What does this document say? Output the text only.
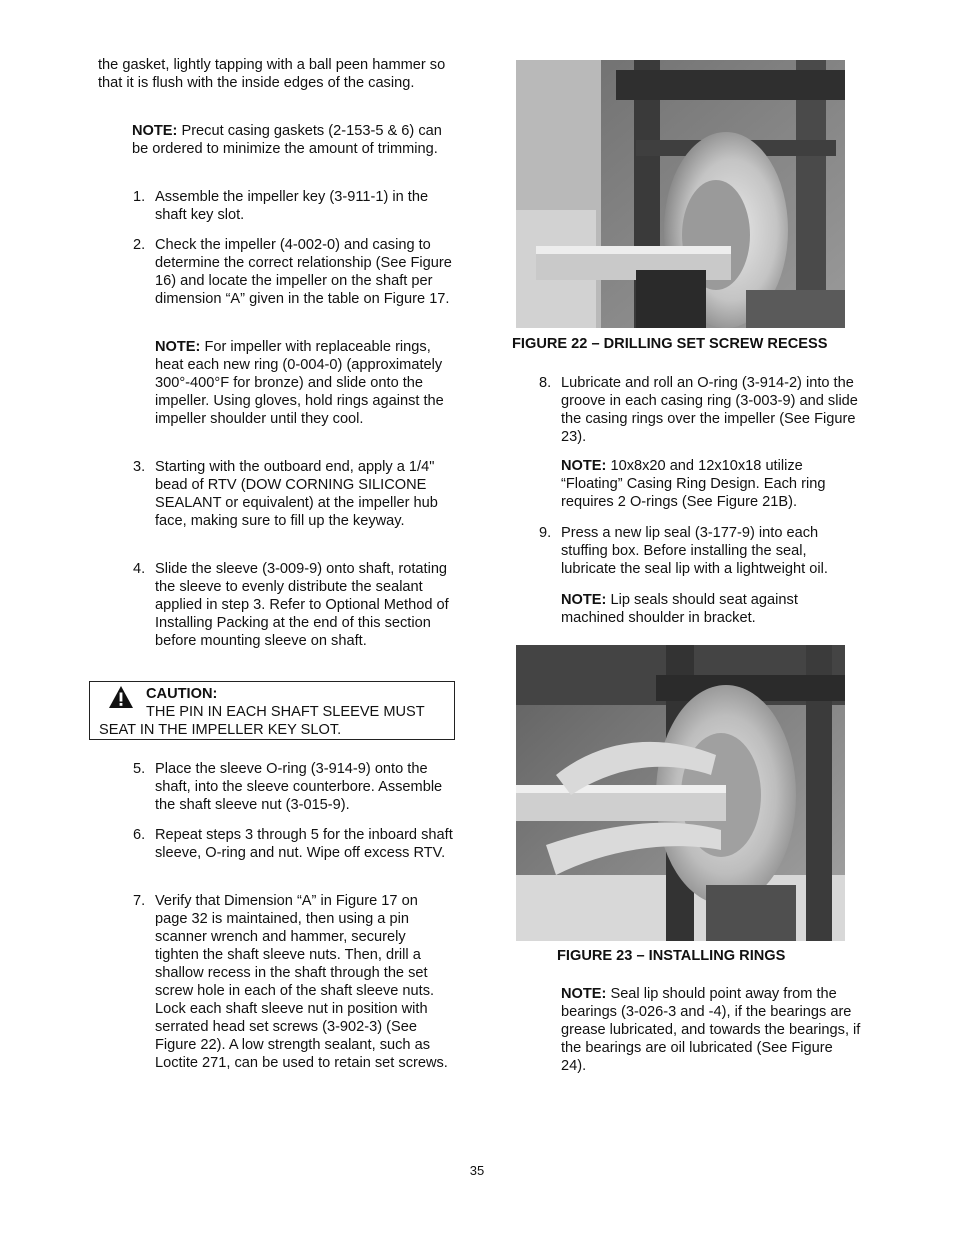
the gasket, lightly tapping with a ball peen hammer so that it is flush with the inside edges of the casing.

NOTE: Precut casing gaskets (2-153-5 & 6) can be ordered to minimize the amount of trimming.

1. Assemble the impeller key (3-911-1) in the shaft key slot.

2. Check the impeller (4-002-0) and casing to determine the correct relationship (See Figure 16) and locate the impeller on the shaft per dimension “A” given in the table on Figure 17.

NOTE: For impeller with replaceable rings, heat each new ring (0-004-0) (approximately 300°-400°F for bronze) and slide onto the impeller. Using gloves, hold rings against the impeller shoulder until they cool.

3. Starting with the outboard end, apply a 1/4" bead of RTV (DOW CORNING SILICONE SEALANT or equivalent) at the impeller hub face, making sure to fill up the keyway.

4. Slide the sleeve (3-009-9) onto shaft, rotating the sleeve to evenly distribute the sealant applied in step 3. Refer to Optional Method of Installing Packing at the end of this section before mounting sleeve on shaft.

CAUTION:
THE PIN IN EACH SHAFT SLEEVE MUST
SEAT IN THE IMPELLER KEY SLOT.
5. Place the sleeve O-ring (3-914-9) onto the shaft, into the sleeve counterbore. Assemble the shaft sleeve nut (3-015-9).

6. Repeat steps 3 through 5 for the inboard shaft sleeve, O-ring and nut. Wipe off excess RTV.

7. Verify that Dimension “A” in Figure 17 on page 32 is maintained, then using a pin scanner wrench and hammer, securely tighten the shaft sleeve nuts. Then, drill a shallow recess in the shaft through the set screw hole in each of the shaft sleeve nuts. Lock each shaft sleeve nut in position with serrated head set screws (3-902-3) (See Figure 22). A low strength sealant, such as Loctite 271, can be used to retain set screws.

FIGURE 22 – DRILLING SET SCREW RECESS
8. Lubricate and roll an O-ring (3-914-2) into the groove in each casing ring (3-003-9) and slide the casing rings over the impeller (See Figure 23).

NOTE: 10x8x20 and 12x10x18 utilize “Floating” Casing Ring Design. Each ring requires 2 O-rings (See Figure 21B).

9. Press a new lip seal (3-177-9) into each stuffing box. Before installing the seal, lubricate the seal lip with a lightweight oil.

NOTE: Lip seals should seat against machined shoulder in bracket.

FIGURE 23 – INSTALLING RINGS

NOTE: Seal lip should point away from the bearings (3-026-3 and -4), if the bearings are grease lubricated, and towards the bearings, if the bearings are oil lubricated (See Figure 24).

35
